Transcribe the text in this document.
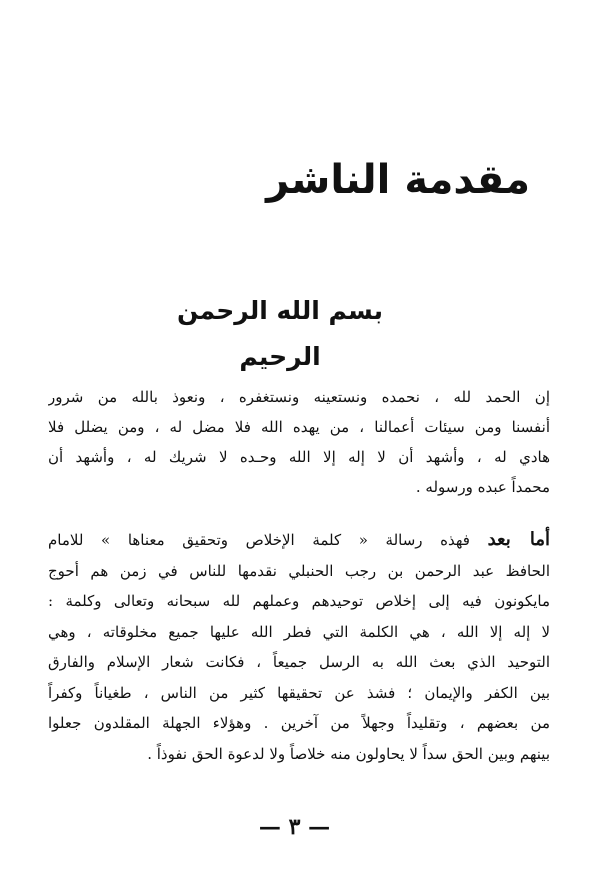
مقدمة الناشر
بسم الله الرحمن الرحيم
إن الحمد لله ، نحمده ونستعينه ونستغفره ، ونعوذ بالله من شرور
أنفسنا ومن سيئات أعمالنا ، من يهده الله فلا مضل له ، ومن يضلل فلا
هادي له ، وأشهد أن لا إله إلا الله وحـده لا شريك له ، وأشهد أن
محمداً عبده ورسوله .
أما بعد فهذه رسالة « كلمة الإخلاص وتحقيق معناها » للامام
الحافظ عبد الرحمن بن رجب الحنبلي نقدمها للناس في زمن هم أحوج
مايكونون فيه إلى إخلاص توحيدهم وعملهم لله سبحانه وتعالى وكلمة :
لا إله إلا الله ، هي الكلمة التي فطر الله عليها جميع مخلوقاته ، وهي
التوحيد الذي بعث الله به الرسل جميعاً ، فكانت شعار الإسلام والفارق
بين الكفر والإيمان ؛ فشذ عن تحقيقها كثير من الناس ، طغياناً وكفراً
من بعضهم ، وتقليداً وجهلاً من آخرين . وهؤلاء الجهلة المقلدون جعلوا
بينهم وبين الحق سداً لا يحاولون منه خلاصاً ولا لدعوة الحق نفوذاً .
— ٣ —
